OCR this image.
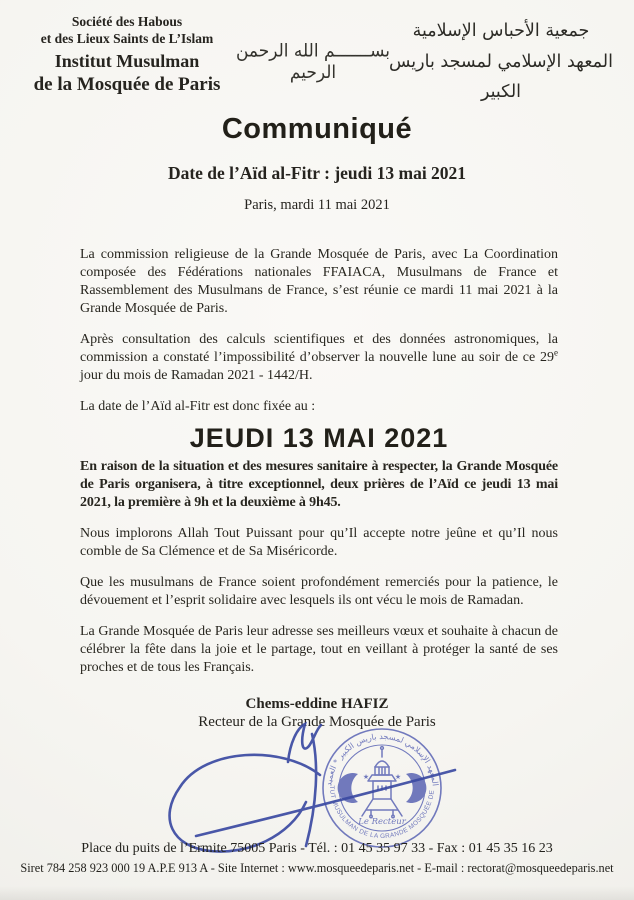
Société des Habous
et des Lieux Saints de L’Islam
Institut Musulman
de la Mosquée de Paris
بســـــــم الله الرحمن الرحيم
جمعية الأحباس الإسلامية
المعهد الإسلامي لمسجد باريس الكبير
Communiqué
Date de l’Aïd al-Fitr : jeudi 13 mai 2021
Paris, mardi 11 mai 2021

La commission religieuse de la Grande Mosquée de Paris, avec La Coordination composée des Fédérations nationales FFAIACA, Musulmans de France et Rassemblement des Musulmans de France, s’est réunie ce mardi 11 mai 2021 à la Grande Mosquée de Paris.

Après consultation des calculs scientifiques et des données astronomiques, la commission a constaté l’impossibilité d’observer la nouvelle lune au soir de ce 29e jour du mois de Ramadan 2021 - 1442/H.

La date de l’Aïd al-Fitr est donc fixée au :

JEUDI 13 MAI 2021

En raison de la situation et des mesures sanitaire à respecter, la Grande Mosquée de Paris organisera, à titre exceptionnel, deux prières de l’Aïd ce jeudi 13 mai 2021, la première à 9h et la deuxième à 9h45.

Nous implorons Allah Tout Puissant pour qu’Il accepte notre jeûne et qu’Il nous comble de Sa Clémence et de Sa Miséricorde.

Que les musulmans de France soient profondément remerciés pour la patience, le dévouement et l’esprit solidaire avec lesquels ils ont vécu le mois de Ramadan.

La Grande Mosquée de Paris leur adresse ses meilleurs vœux et souhaite à chacun de célébrer la fête dans la joie et le partage, tout en veillant à protéger la santé de ses proches et de tous les Français.

Chems-eddine HAFIZ
Recteur de la Grande Mosquée de Paris
المعهد الإسلامي لمسجد باريس الكبير * العميد
* INSTITUT MUSULMAN DE LA GRANDE MOSQUÉE DE PARIS *
★	★
Le Recteur
Place du puits de l’Ermite 75005 Paris - Tél. : 01 45 35 97 33 - Fax : 01 45 35 16 23
Siret 784 258 923 000 19 A.P.E 913 A - Site Internet : www.mosqueedeparis.net - E-mail : rectorat@mosqueedeparis.net
